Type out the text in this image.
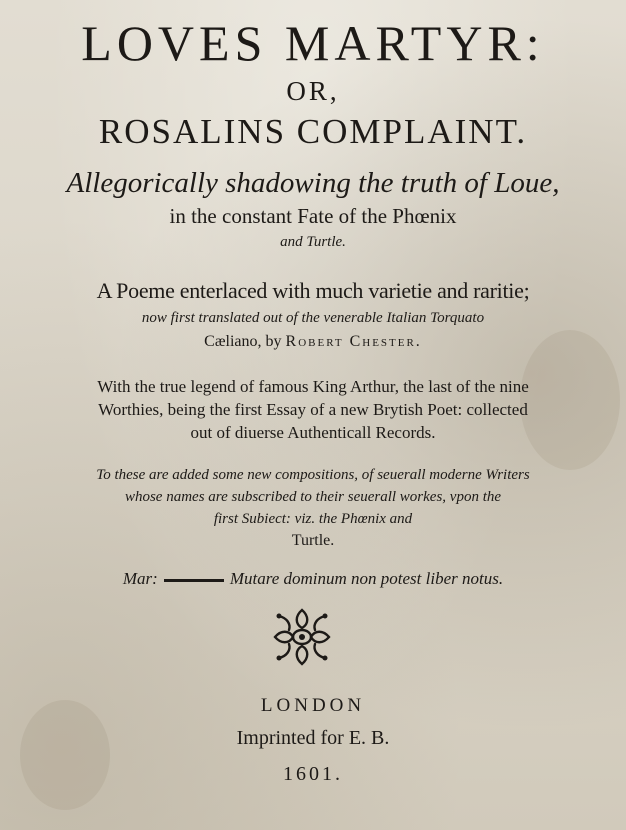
LOVES MARTYR:

OR,

ROSALINS COMPLAINT.

Allegorically shadowing the truth of Loue,

in the constant Fate of the Phœnix

and Turtle.

A Poeme enterlaced with much varietie and raritie;

now first translated out of the venerable Italian Torquato

Cæliano, by Robert Chester.

With the true legend of famous King Arthur, the last of the nine

Worthies, being the first Essay of a new Brytish Poet: collected

out of diuerse Authenticall Records.

To these are added some new compositions, of seuerall moderne Writers

whose names are subscribed to their seuerall workes, vpon the

first Subiect: viz. the Phœnix and

Turtle.

Mar:	Mutare dominum non potest liber notus.

LONDON

Imprinted for E. B.

1601.
